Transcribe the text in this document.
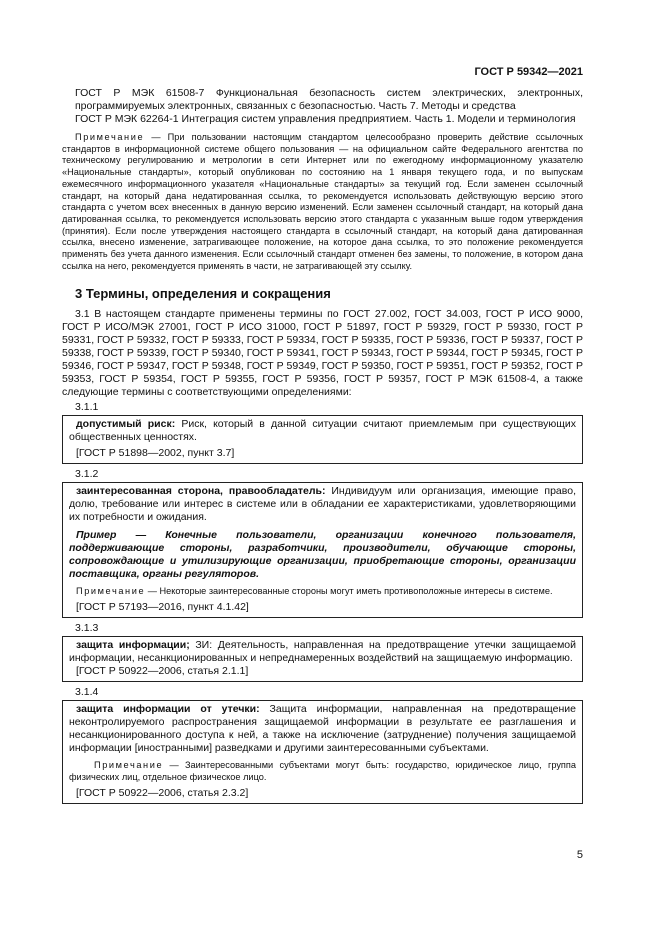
ГОСТ Р 59342—2021

ГОСТ Р МЭК 61508-7 Функциональная безопасность систем электрических, электронных, программируемых электронных, связанных с безопасностью. Часть 7. Методы и средства

ГОСТ Р МЭК 62264-1 Интеграция систем управления предприятием. Часть 1. Модели и терминология

Примечание — При пользовании настоящим стандартом целесообразно проверить действие ссылочных стандартов в информационной системе общего пользования — на официальном сайте Федерального агентства по техническому регулированию и метрологии в сети Интернет или по ежегодному информационному указателю «Национальные стандарты», который опубликован по состоянию на 1 января текущего года, и по выпускам ежемесячного информационного указателя «Национальные стандарты» за текущий год. Если заменен ссылочный стандарт, на который дана недатированная ссылка, то рекомендуется использовать действующую версию этого стандарта с учетом всех внесенных в данную версию изменений. Если заменен ссылочный стандарт, на который дана датированная ссылка, то рекомендуется использовать версию этого стандарта с указанным выше годом утверждения (принятия). Если после утверждения настоящего стандарта в ссылочный стандарт, на который дана датированная ссылка, внесено изменение, затрагивающее положение, на которое дана ссылка, то это положение рекомендуется применять без учета данного изменения. Если ссылочный стандарт отменен без замены, то положение, в котором дана ссылка на него, рекомендуется применять в части, не затрагивающей эту ссылку.

3 Термины, определения и сокращения

3.1 В настоящем стандарте применены термины по ГОСТ 27.002, ГОСТ 34.003, ГОСТ Р ИСО 9000, ГОСТ Р ИСО/МЭК 27001, ГОСТ Р ИСО 31000, ГОСТ Р 51897, ГОСТ Р 59329, ГОСТ Р 59330, ГОСТ Р 59331, ГОСТ Р 59332, ГОСТ Р 59333, ГОСТ Р 59334, ГОСТ Р 59335, ГОСТ Р 59336, ГОСТ Р 59337, ГОСТ Р 59338, ГОСТ Р 59339, ГОСТ Р 59340, ГОСТ Р 59341, ГОСТ Р 59343, ГОСТ Р 59344, ГОСТ Р 59345, ГОСТ Р 59346, ГОСТ Р 59347, ГОСТ Р 59348, ГОСТ Р 59349, ГОСТ Р 59350, ГОСТ Р 59351, ГОСТ Р 59352, ГОСТ Р 59353, ГОСТ Р 59354, ГОСТ Р 59355, ГОСТ Р 59356, ГОСТ Р 59357, ГОСТ Р МЭК 61508-4, а также следующие термины с соответствующими определениями:

3.1.1

допустимый риск: Риск, который в данной ситуации считают приемлемым при существующих общественных ценностях.

[ГОСТ Р 51898—2002, пункт 3.7]

3.1.2

заинтересованная сторона, правообладатель: Индивидуум или организация, имеющие право, долю, требование или интерес в системе или в обладании ее характеристиками, удовлетворяющими их потребности и ожидания.

Пример — Конечные пользователи, организации конечного пользователя, поддерживающие стороны, разработчики, производители, обучающие стороны, сопровождающие и утилизирующие организации, приобретающие стороны, организации поставщика, органы регуляторов.

Примечание — Некоторые заинтересованные стороны могут иметь противоположные интересы в системе.

[ГОСТ Р 57193—2016, пункт 4.1.42]

3.1.3

защита информации; ЗИ: Деятельность, направленная на предотвращение утечки защищаемой информации, несанкционированных и непреднамеренных воздействий на защищаемую информацию.

[ГОСТ Р 50922—2006, статья 2.1.1]

3.1.4

защита информации от утечки: Защита информации, направленная на предотвращение неконтролируемого распространения защищаемой информации в результате ее разглашения и несанкционированного доступа к ней, а также на исключение (затруднение) получения защищаемой информации [иностранными] разведками и другими заинтересованными субъектами.

Примечание — Заинтересованными субъектами могут быть: государство, юридическое лицо, группа физических лиц, отдельное физическое лицо.

[ГОСТ Р 50922—2006, статья 2.3.2]

5
